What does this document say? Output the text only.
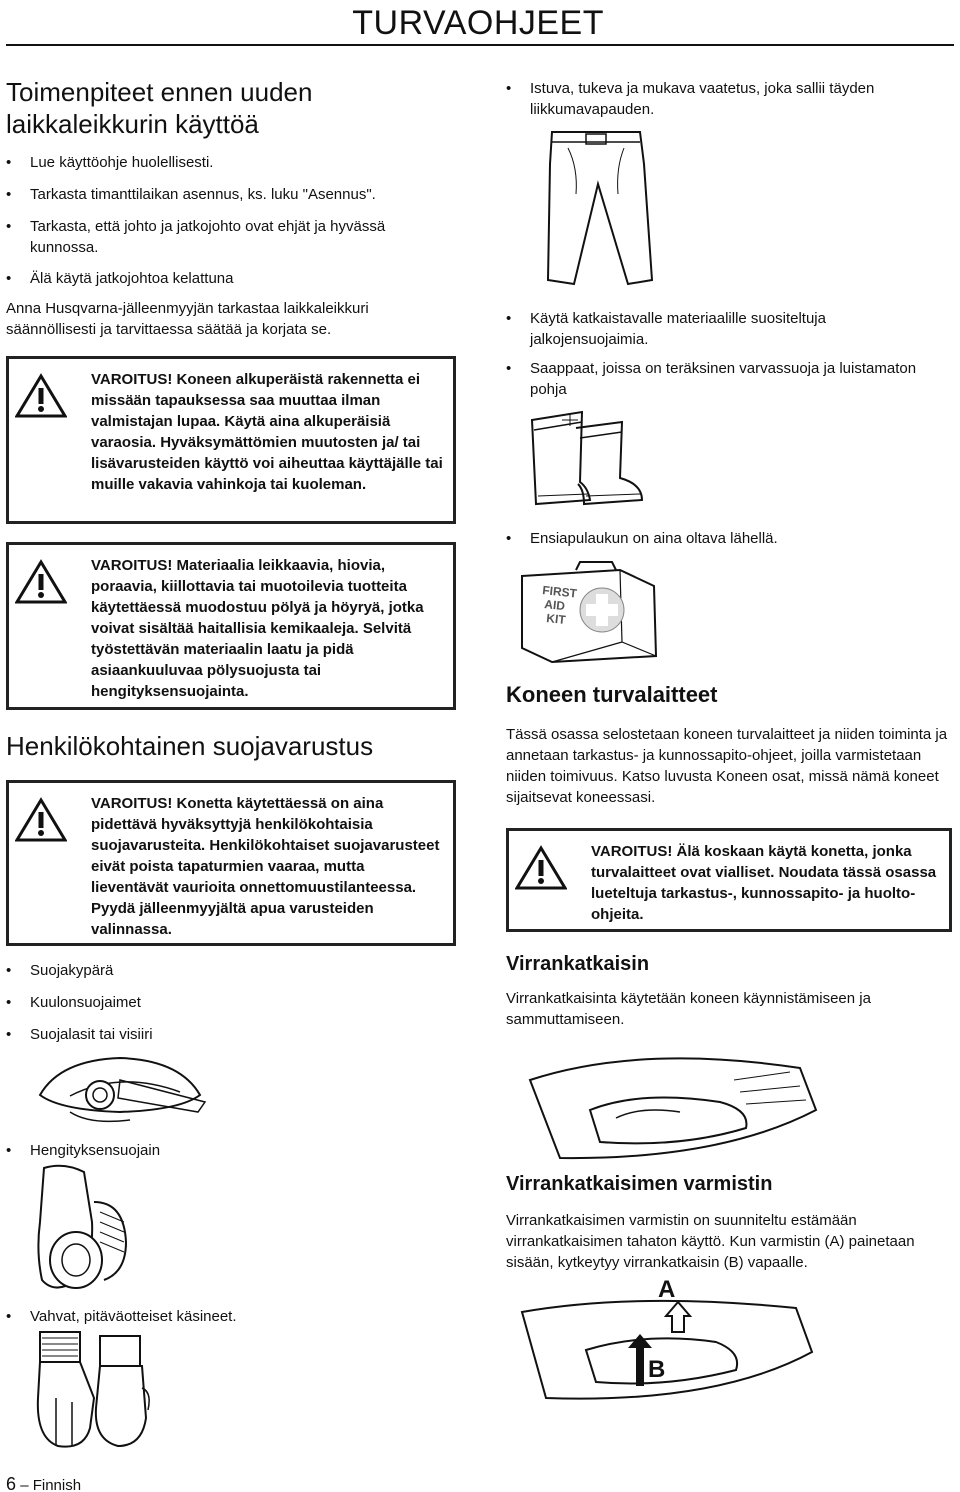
TURVAOHJEET
Toimenpiteet ennen uuden laikkaleikkurin käyttöä
• Lue käyttöohje huolellisesti.
• Tarkasta timanttilaikan asennus, ks. luku "Asennus".
• Tarkasta, että johto ja jatkojohto ovat ehjät ja hyvässä kunnossa.
• Älä käytä jatkojohtoa kelattuna
Anna Husqvarna-jälleenmyyjän tarkastaa laikkaleikkuri säännöllisesti ja tarvittaessa säätää ja korjata se.
VAROITUS! Koneen alkuperäistä rakennetta ei missään tapauksessa saa muuttaa ilman valmistajan lupaa. Käytä aina alkuperäisiä varaosia. Hyväksymättömien muutosten ja/ tai lisävarusteiden käyttö voi aiheuttaa käyttäjälle tai muille vakavia vahinkoja tai kuoleman.
VAROITUS! Materiaalia leikkaavia, hiovia, poraavia, kiillottavia tai muotoilevia tuotteita käytettäessä muodostuu pölyä ja höyryä, jotka voivat sisältää haitallisia kemikaaleja. Selvitä työstettävän materiaalin laatu ja pidä asiaankuuluvaa pölysuojusta tai hengityksensuojainta.
Henkilökohtainen suojavarustus
VAROITUS! Konetta käytettäessä on aina pidettävä hyväksyttyjä henkilökohtaisia suojavarusteita. Henkilökohtaiset suojavarusteet eivät poista tapaturmien vaaraa, mutta lieventävät vaurioita onnettomuustilanteessa. Pyydä jälleenmyyjältä apua varusteiden valinnassa.
• Suojakypärä
• Kuulonsuojaimet
• Suojalasit tai visiiri
• Hengityksensuojain
• Vahvat, pitäväotteiset käsineet.
• Istuva, tukeva ja mukava vaatetus, joka sallii täyden liikkumavapauden.
• Käytä katkaistavalle materiaalille suositeltuja jalkojensuojaimia.
• Saappaat, joissa on teräksinen varvassuoja ja luistamaton pohja
• Ensiapulaukun on aina oltava lähellä.
FIRST
AID
KIT
Koneen turvalaitteet
Tässä osassa selostetaan koneen turvalaitteet ja niiden toiminta ja annetaan tarkastus- ja kunnossapito-ohjeet, joilla varmistetaan niiden toimivuus. Katso luvusta Koneen osat, missä nämä koneet sijaitsevat koneessasi.
VAROITUS! Älä koskaan käytä konetta, jonka turvalaitteet ovat vialliset. Noudata tässä osassa lueteltuja tarkastus-, kunnossapito- ja huolto-ohjeita.
Virrankatkaisin
Virrankatkaisinta käytetään koneen käynnistämiseen ja sammuttamiseen.
Virrankatkaisimen varmistin
Virrankatkaisimen varmistin on suunniteltu estämään virrankatkaisimen tahaton käyttö. Kun varmistin (A) painetaan sisään, kytkeytyy virrankatkaisin (B) vapaalle.
A
B
6 – Finnish
